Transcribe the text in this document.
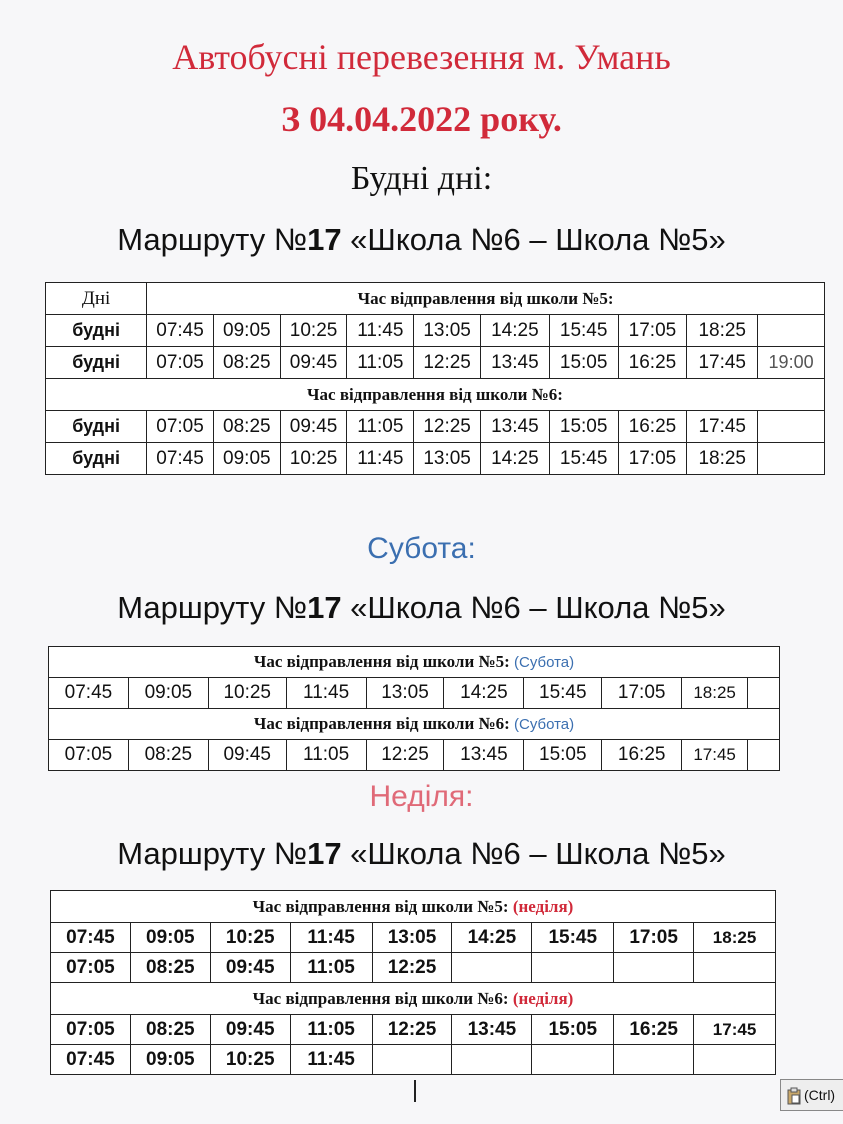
Автобусні перевезення м. Умань
З 04.04.2022 року.
Будні дні:
Маршруту №17 «Школа №6 – Школа №5»
Дні	Час відправлення від школи №5:									
будні	07:45	09:05	10:25	11:45	13:05	14:25	15:45	17:05	18:25	
будні	07:05	08:25	09:45	11:05	12:25	13:45	15:05	16:25	17:45	19:00
Час відправлення від школи №6:										
будні	07:05	08:25	09:45	11:05	12:25	13:45	15:05	16:25	17:45	
будні	07:45	09:05	10:25	11:45	13:05	14:25	15:45	17:05	18:25	
Субота:
Маршруту №17 «Школа №6 – Школа №5»
Час відправлення від школи №5: (Субота)									
07:45	09:05	10:25	11:45	13:05	14:25	15:45	17:05	18:25	
Час відправлення від школи №6: (Субота)									
07:05	08:25	09:45	11:05	12:25	13:45	15:05	16:25	17:45	
Неділя:
Маршруту №17 «Школа №6 – Школа №5»
Час відправлення від школи №5: (неділя)								
07:45	09:05	10:25	11:45	13:05	14:25	15:45	17:05	18:25
07:05	08:25	09:45	11:05	12:25				
Час відправлення від школи №6: (неділя)								
07:05	08:25	09:45	11:05	12:25	13:45	15:05	16:25	17:45
07:45	09:05	10:25	11:45					
(Ctrl)
